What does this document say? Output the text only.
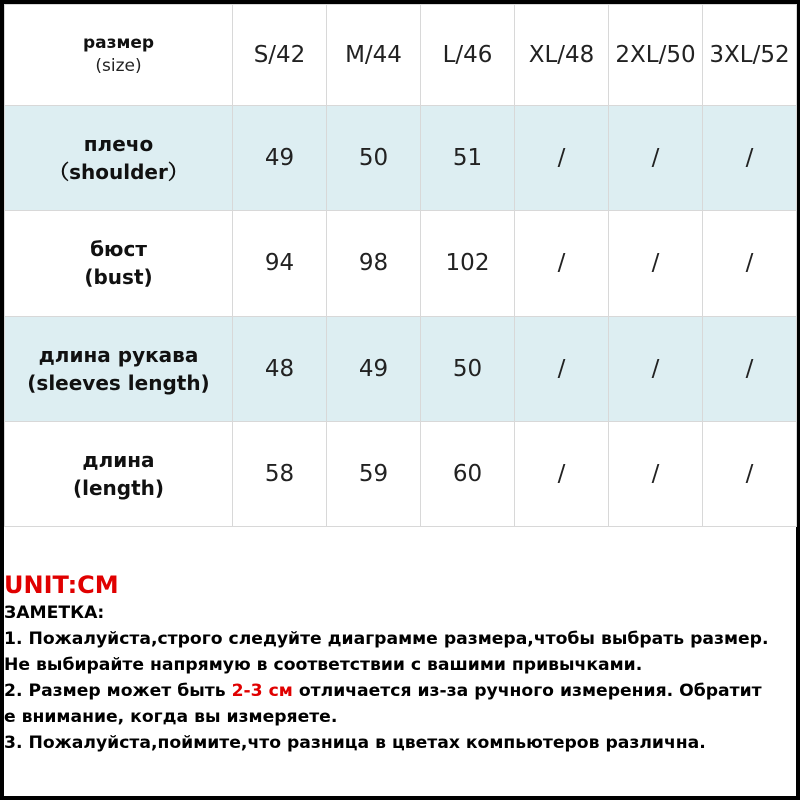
размер
(size)	S/42	M/44	L/46	XL/48	2XL/50	3XL/52

плечо
（shoulder）	49	50	51	/	/	/

бюст
(bust)	94	98	102	/	/	/

длина рукава
(sleeves length)	48	49	50	/	/	/

длина
(length)	58	59	60	/	/	/

UNIT:CM

ЗАМЕТКА:

1. Пожалуйста,строго следуйте диаграмме размера,чтобы выбрать размер.

Не выбирайте напрямую в соответствии с вашими привычками.

2. Размер может быть 2-3 см отличается из-за ручного измерения. Обратит

е внимание, когда вы измеряете.

3. Пожалуйста,поймите,что разница в цветах компьютеров различна.
